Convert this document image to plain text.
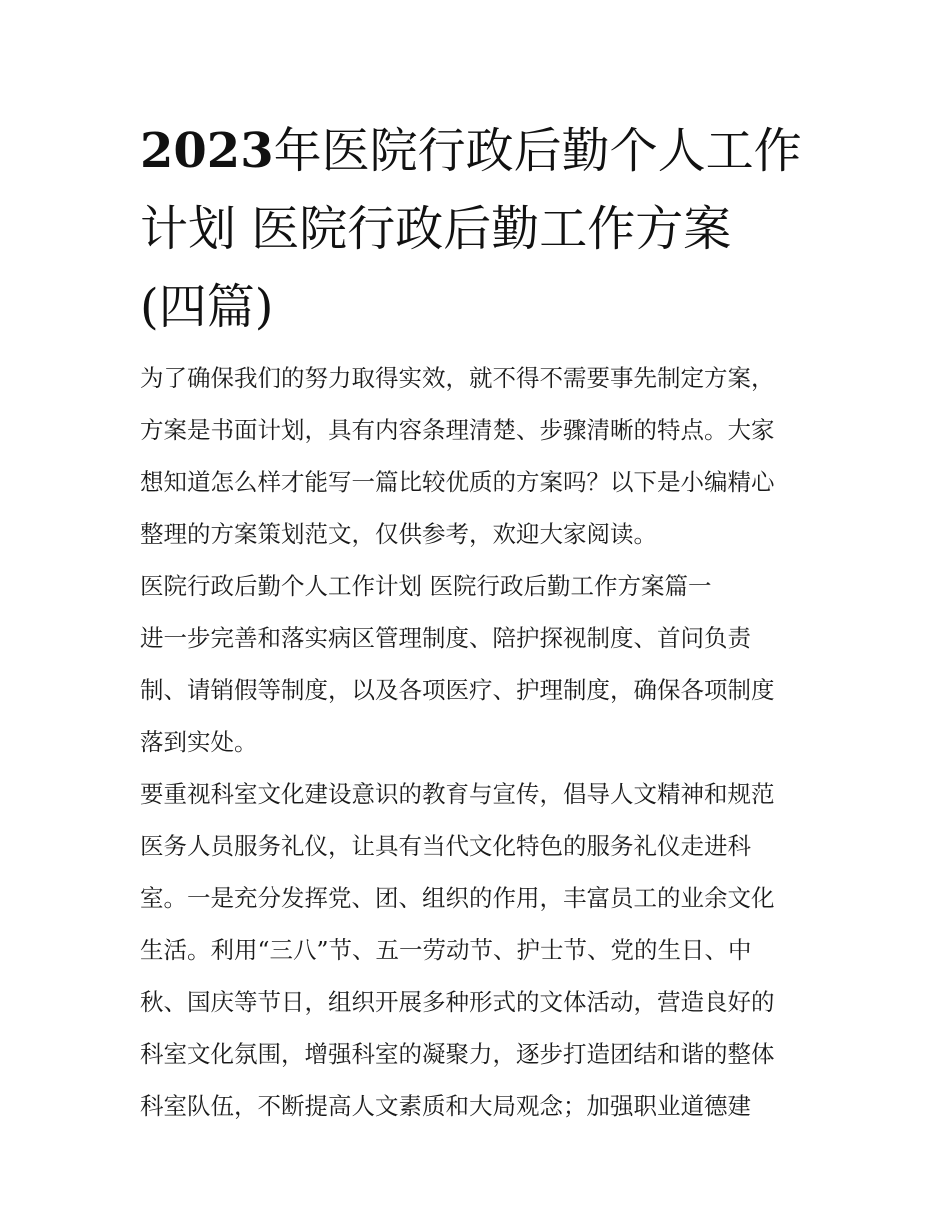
2023年医院行政后勤个人工作
计划 医院行政后勤工作方案
(四篇)
为了确保我们的努力取得实效，就不得不需要事先制定方案，
方案是书面计划，具有内容条理清楚、步骤清晰的特点。大家
想知道怎么样才能写一篇比较优质的方案吗？以下是小编精心
整理的方案策划范文，仅供参考，欢迎大家阅读。
医院行政后勤个人工作计划 医院行政后勤工作方案篇一
进一步完善和落实病区管理制度、陪护探视制度、首问负责
制、请销假等制度，以及各项医疗、护理制度，确保各项制度
落到实处。
要重视科室文化建设意识的教育与宣传，倡导人文精神和规范
医务人员服务礼仪，让具有当代文化特色的服务礼仪走进科
室。一是充分发挥党、团、组织的作用，丰富员工的业余文化
生活。利用“三八”节、五一劳动节、护士节、党的生日、中
秋、国庆等节日，组织开展多种形式的文体活动，营造良好的
科室文化氛围，增强科室的凝聚力，逐步打造团结和谐的整体
科室队伍，不断提高人文素质和大局观念；加强职业道德建
